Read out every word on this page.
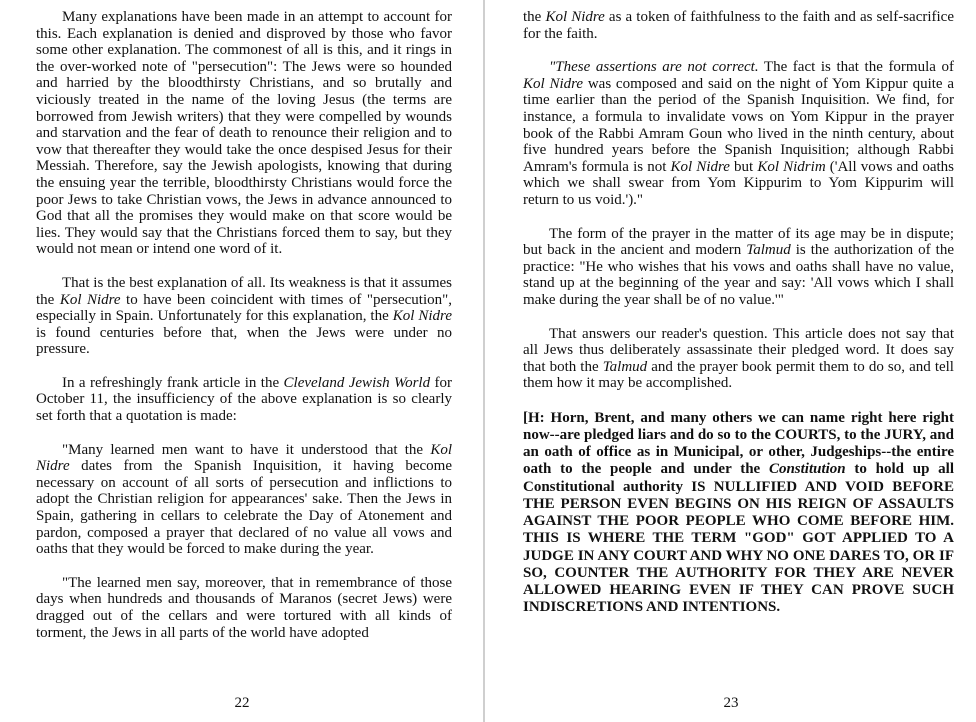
Many explanations have been made in an attempt to account for this. Each explanation is denied and disproved by those who favor some other explanation. The commonest of all is this, and it rings in the over-worked note of "persecution": The Jews were so hounded and harried by the bloodthirsty Christians, and so brutally and viciously treated in the name of the loving Jesus (the terms are borrowed from Jewish writers) that they were compelled by wounds and starvation and the fear of death to renounce their religion and to vow that thereafter they would take the once despised Jesus for their Messiah. Therefore, say the Jewish apologists, knowing that during the ensuing year the terrible, bloodthirsty Christians would force the poor Jews to take Christian vows, the Jews in advance announced to God that all the promises they would make on that score would be lies. They would say that the Christians forced them to say, but they would not mean or intend one word of it.

That is the best explanation of all. Its weakness is that it assumes the Kol Nidre to have been coincident with times of "persecution", especially in Spain. Unfortunately for this explanation, the Kol Nidre is found centuries before that, when the Jews were under no pressure.

In a refreshingly frank article in the Cleveland Jewish World for October 11, the insufficiency of the above explanation is so clearly set forth that a quotation is made:

"Many learned men want to have it understood that the Kol Nidre dates from the Spanish Inquisition, it having become necessary on account of all sorts of persecution and inflictions to adopt the Christian religion for appearances' sake. Then the Jews in Spain, gathering in cellars to celebrate the Day of Atonement and pardon, composed a prayer that declared of no value all vows and oaths that they would be forced to make during the year.

"The learned men say, moreover, that in remembrance of those days when hundreds and thousands of Maranos (secret Jews) were dragged out of the cellars and were tortured with all kinds of torment, the Jews in all parts of the world have adopted

22

the Kol Nidre as a token of faithfulness to the faith and as self-sacrifice for the faith.

"These assertions are not correct. The fact is that the formula of Kol Nidre was composed and said on the night of Yom Kippur quite a time earlier than the period of the Spanish Inquisition. We find, for instance, a formula to invalidate vows on Yom Kippur in the prayer book of the Rabbi Amram Goun who lived in the ninth century, about five hundred years before the Spanish Inquisition; although Rabbi Amram's formula is not Kol Nidre but Kol Nidrim ('All vows and oaths which we shall swear from Yom Kippurim to Yom Kippurim will return to us void.')."

The form of the prayer in the matter of its age may be in dispute; but back in the ancient and modern Talmud is the authorization of the practice: "He who wishes that his vows and oaths shall have no value, stand up at the beginning of the year and say: 'All vows which I shall make during the year shall be of no value.'"

That answers our reader's question. This article does not say that all Jews thus deliberately assassinate their pledged word. It does say that both the Talmud and the prayer book permit them to do so, and tell them how it may be accomplished.

[H: Horn, Brent, and many others we can name right here right now--are pledged liars and do so to the COURTS, to the JURY, and an oath of office as in Municipal, or other, Judgeships--the entire oath to the people and under the Constitution to hold up all Constitutional authority IS NULLIFIED AND VOID BEFORE THE PERSON EVEN BEGINS ON HIS REIGN OF ASSAULTS AGAINST THE POOR PEOPLE WHO COME BEFORE HIM. THIS IS WHERE THE TERM "GOD" GOT APPLIED TO A JUDGE IN ANY COURT AND WHY NO ONE DARES TO, OR IF SO, COUNTER THE AUTHORITY FOR THEY ARE NEVER ALLOWED HEARING EVEN IF THEY CAN PROVE SUCH INDISCRETIONS AND INTENTIONS.

23
